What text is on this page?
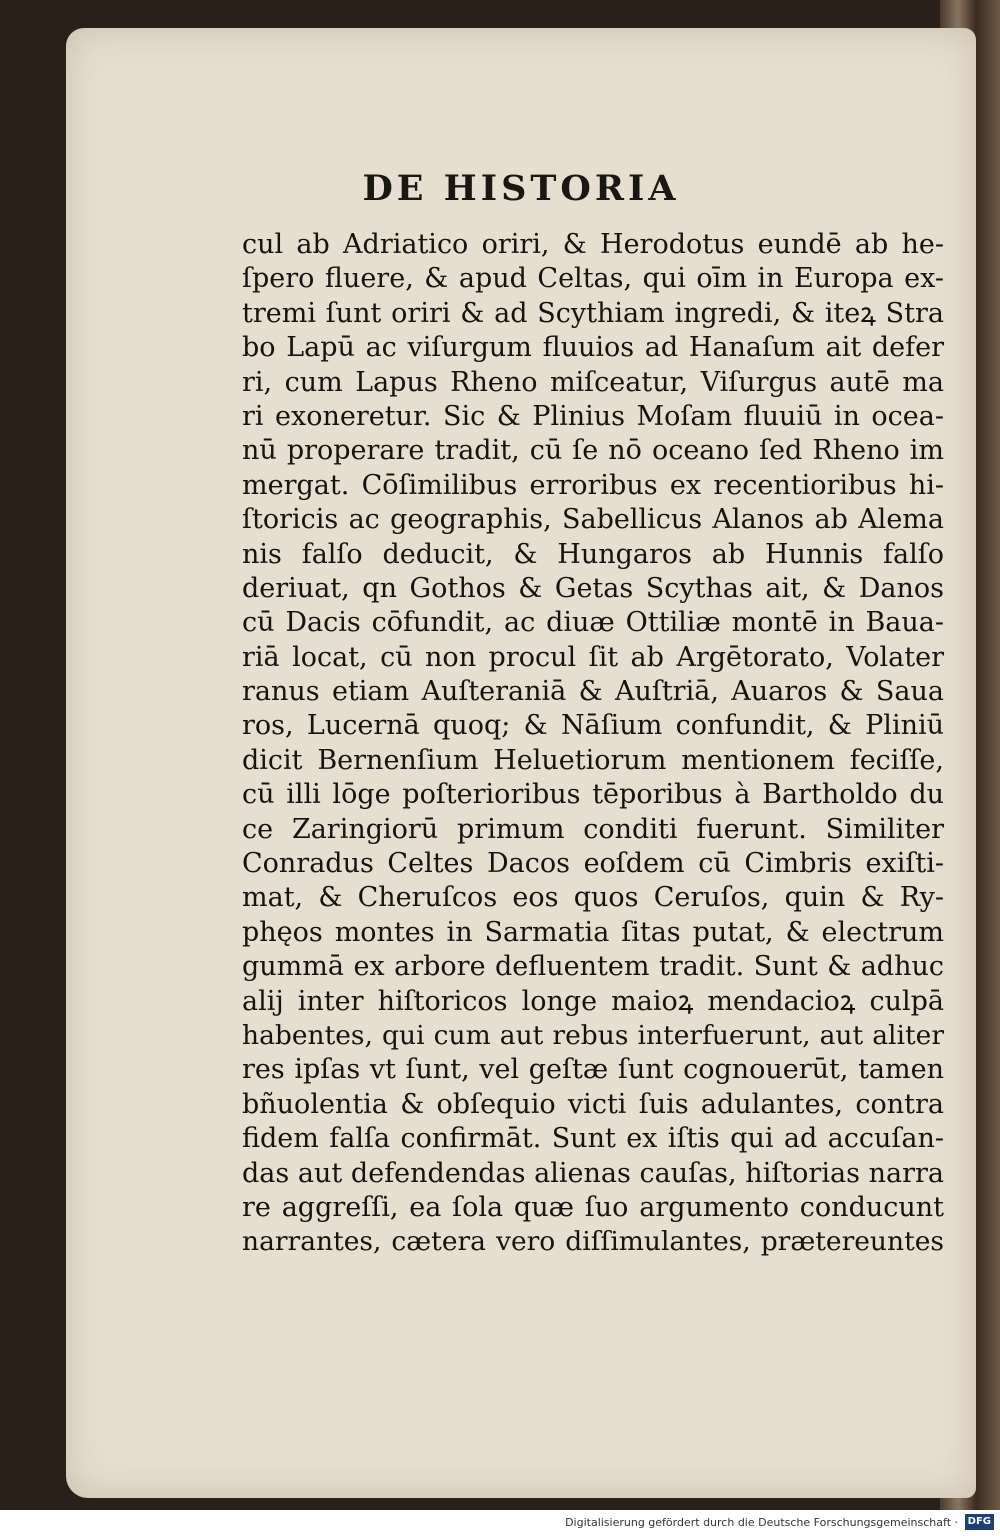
DE HISTORIA
cul ab Adriatico oriri, & Herodotus eundē ab he-
ſpero fluere, & apud Celtas, qui oīm in Europa ex-
tremi ſunt oriri & ad Scythiam ingredi, & iteꝝ Stra
bo Lapū ac viſurgum fluuios ad Hanaſum ait defer
ri, cum Lapus Rheno miſceatur, Viſurgus autē ma
ri exoneretur. Sic & Plinius Moſam fluuiū in ocea-
nū properare tradit, cū ſe nō oceano ſed Rheno im
mergat. Cōſimilibus erroribus ex recentioribus hi-
ſtoricis ac geographis, Sabellicus Alanos ab Alema
nis falſo deducit, & Hungaros ab Hunnis falſo
deriuat, qn Gothos & Getas Scythas ait, & Danos
cū Dacis cōfundit, ac diuæ Ottiliæ montē in Bauа-
riā locat, cū non procul ſit ab Argētorato, Volater
ranus etiam Auſteraniā & Auſtriā, Auaros & Saua
ros, Lucernā quoq; & Nāſium confundit, & Pliniū
dicit Bernenſium Heluetiorum mentionem feciſſe,
cū illi lōge poſterioribus tēporibus à Bartholdo du
ce Zaringiorū primum conditi fuerunt. Similiter
Conradus Celtes Dacos eoſdem cū Cimbris exiſti-
mat, & Cheruſcos eos quos Ceruſos, quin & Ry-
phęos montes in Sarmatia ſitas putat, & electrum
gummā ex arbore defluentem tradit. Sunt & adhuc
alij inter hiſtoricos longe maioꝝ mendacioꝝ culpā
habentes, qui cum aut rebus interfuerunt, aut aliter
res ipſas vt ſunt, vel geſtæ ſunt cognouerūt, tamen
bñuolentia & obſequio victi ſuis adulantes, contra
fidem falſa confirmāt. Sunt ex iſtis qui ad accuſan-
das aut defendendas alienas cauſas, hiſtorias narra
re aggreſſi, ea ſola quæ ſuo argumento conducunt
narrantes, cætera vero diſſimulantes, prætereuntes
Digitalisierung gefördert durch die Deutsche Forschungsgemeinschaft · DFG
